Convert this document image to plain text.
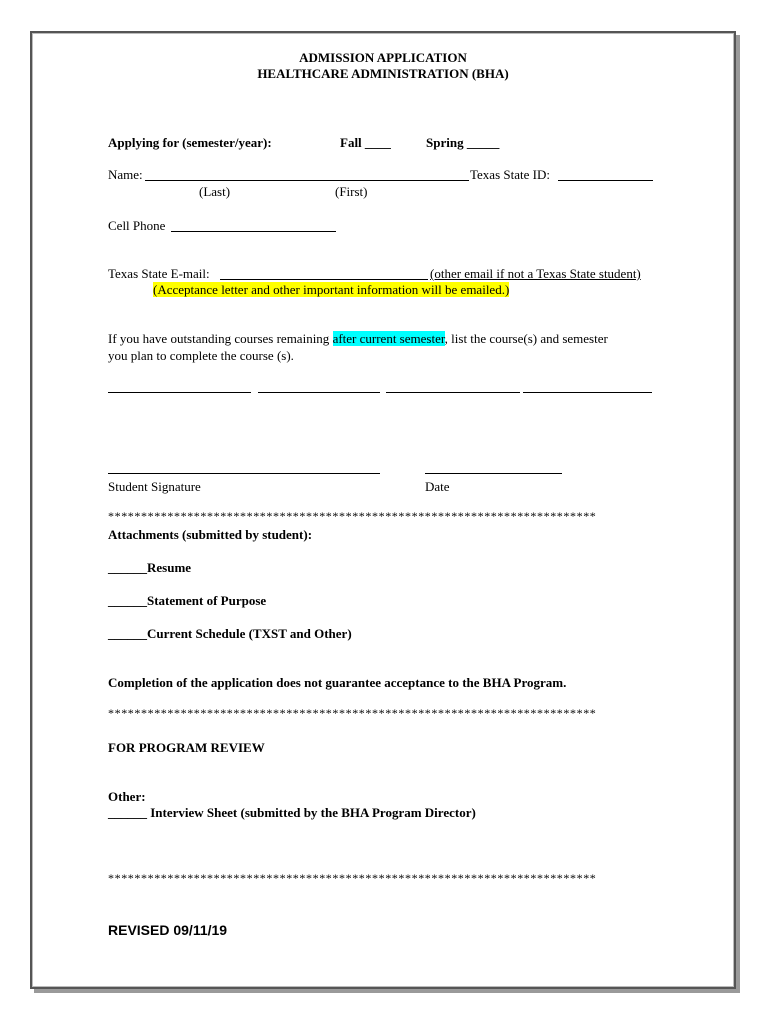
ADMISSION APPLICATION
HEALTHCARE ADMINISTRATION (BHA)
Applying for (semester/year):	Fall ____	Spring _____
Name:	Texas State ID:
(Last)	(First)
Cell Phone
Texas State E-mail:	(other email if not a Texas State student)
(Acceptance letter and other important information will be emailed.)
If you have outstanding courses remaining after current semester, list the course(s) and semester
you plan to complete the course (s).
Student Signature	Date
**************************************************************************
Attachments (submitted by student):
______Resume
______Statement of Purpose
______Current Schedule (TXST and Other)
Completion of the application does not guarantee acceptance to the BHA Program.
**************************************************************************
FOR PROGRAM REVIEW
Other:
______ Interview Sheet (submitted by the BHA Program Director)
**************************************************************************
REVISED 09/11/19
